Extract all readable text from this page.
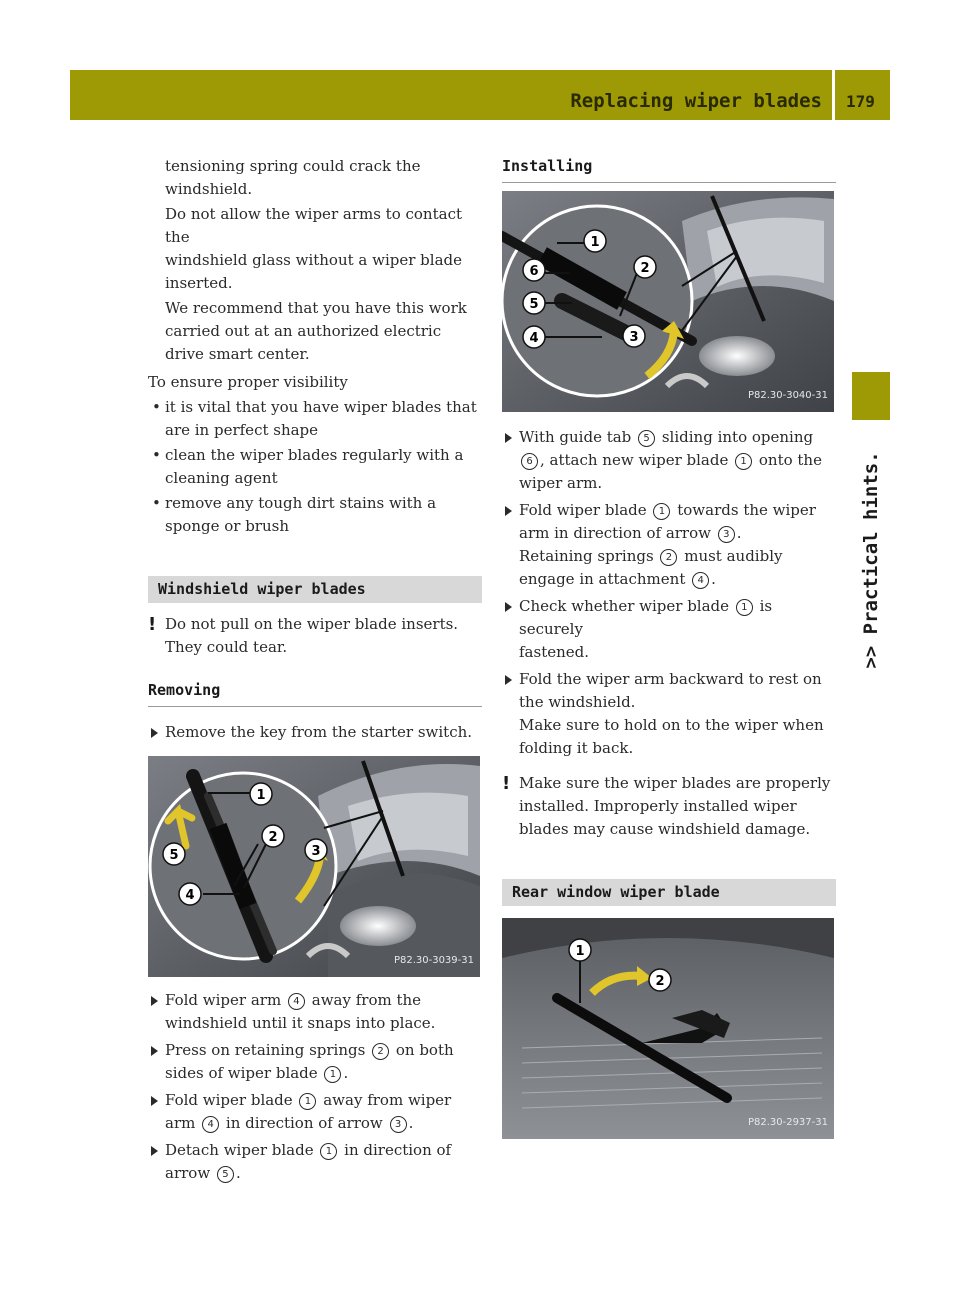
Replacing wiper blades 179
>> Practical hints.

tensioning spring could crack the

windshield.

Do not allow the wiper arms to contact the

windshield glass without a wiper blade

inserted.

We recommend that you have this work

carried out at an authorized electric

drive smart center.

To ensure proper visibility

• it is vital that you have wiper blades that
are in perfect shape

• clean the wiper blades regularly with a
cleaning agent

• remove any tough dirt stains with a
sponge or brush

Windshield wiper blades

! Do not pull on the wiper blade inserts.
They could tear.

Removing

Remove the key from the starter switch.

1
2
3
4
5
P82.30-3039-31

Fold wiper arm 4 away from the
windshield until it snaps into place.

Press on retaining springs 2 on both
sides of wiper blade 1 .

Fold wiper blade 1 away from wiper
arm 4 in direction of arrow 3 .

Detach wiper blade 1 in direction of
arrow 5 .

Installing

1
2
3
4
5
6
P82.30-3040-31

With guide tab 5 sliding into opening
6 , attach new wiper blade 1 onto the
wiper arm.

Fold wiper blade 1 towards the wiper
arm in direction of arrow 3 .
Retaining springs 2 must audibly
engage in attachment 4 .

Check whether wiper blade 1 is securely
fastened.

Fold the wiper arm backward to rest on
the windshield.
Make sure to hold on to the wiper when
folding it back.

! Make sure the wiper blades are properly
installed. Improperly installed wiper
blades may cause windshield damage.

Rear window wiper blade

1
2
P82.30-2937-31
